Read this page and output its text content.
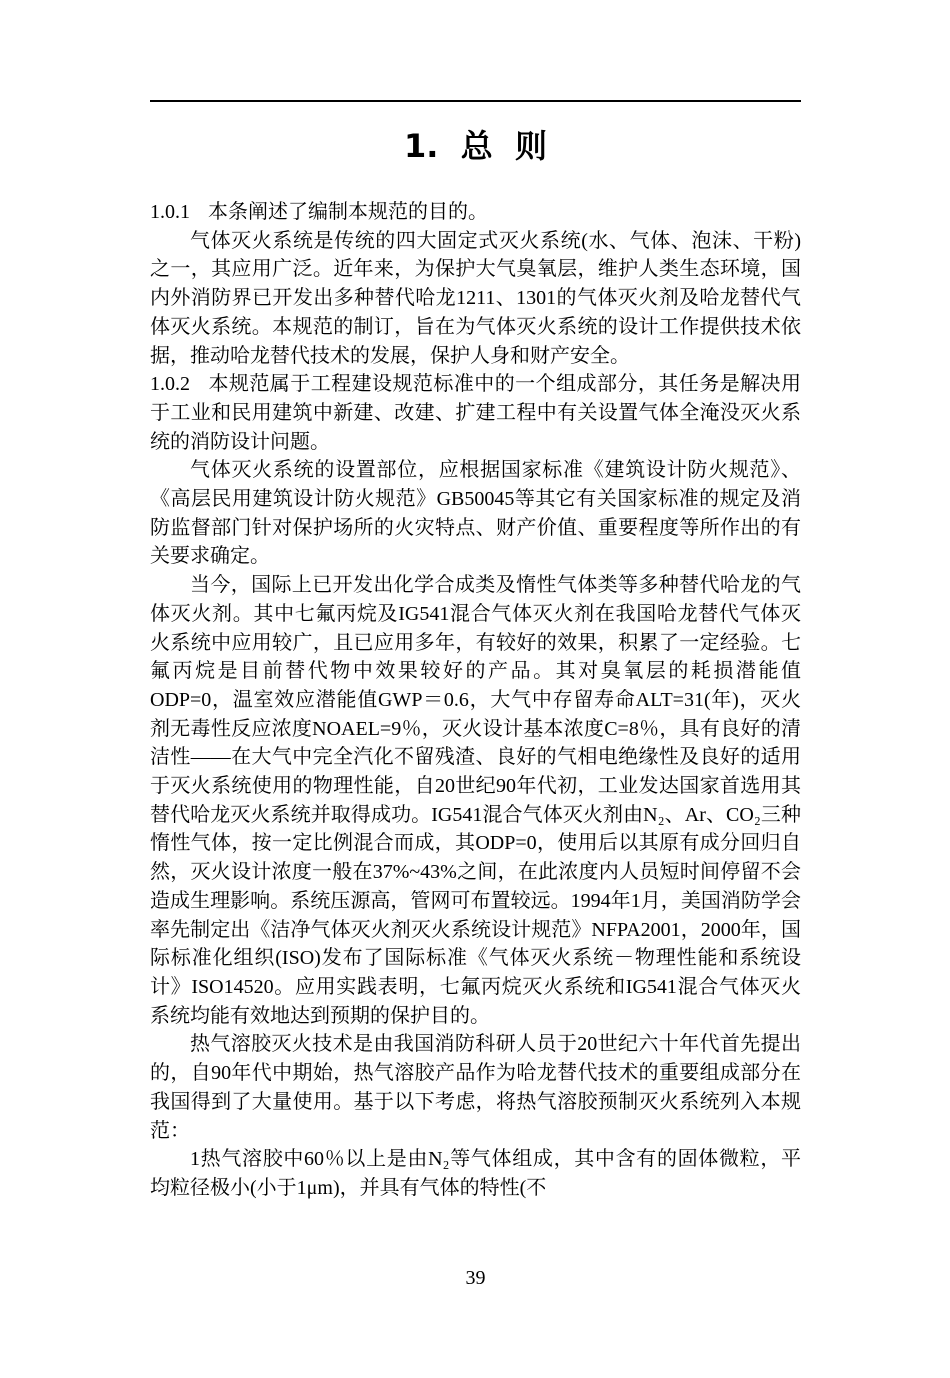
1.  总  则

1.0.1 本条阐述了编制本规范的目的。

气体灭火系统是传统的四大固定式灭火系统(水、气体、泡沫、干粉)之一，其应用广泛。近年来，为保护大气臭氧层，维护人类生态环境，国内外消防界已开发出多种替代哈龙1211、1301的气体灭火剂及哈龙替代气体灭火系统。本规范的制订，旨在为气体灭火系统的设计工作提供技术依据，推动哈龙替代技术的发展，保护人身和财产安全。

1.0.2 本规范属于工程建设规范标准中的一个组成部分，其任务是解决用于工业和民用建筑中新建、改建、扩建工程中有关设置气体全淹没灭火系统的消防设计问题。

气体灭火系统的设置部位，应根据国家标准《建筑设计防火规范》、《高层民用建筑设计防火规范》GB50045等其它有关国家标准的规定及消防监督部门针对保护场所的火灾特点、财产价值、重要程度等所作出的有关要求确定。

当今，国际上已开发出化学合成类及惰性气体类等多种替代哈龙的气体灭火剂。其中七氟丙烷及IG541混合气体灭火剂在我国哈龙替代气体灭火系统中应用较广，且已应用多年，有较好的效果，积累了一定经验。七氟丙烷是目前替代物中效果较好的产品。其对臭氧层的耗损潜能值ODP=0，温室效应潜能值GWP＝0.6，大气中存留寿命ALT=31(年)，灭火剂无毒性反应浓度NOAEL=9％，灭火设计基本浓度C=8％，具有良好的清洁性——在大气中完全汽化不留残渣、良好的气相电绝缘性及良好的适用于灭火系统使用的物理性能，自20世纪90年代初，工业发达国家首选用其替代哈龙灭火系统并取得成功。IG541混合气体灭火剂由N₂、Ar、CO₂三种惰性气体，按一定比例混合而成，其ODP=0，使用后以其原有成分回归自然，灭火设计浓度一般在37%~43%之间，在此浓度内人员短时间停留不会造成生理影响。系统压源高，管网可布置较远。1994年1月，美国消防学会率先制定出《洁净气体灭火剂灭火系统设计规范》NFPA2001，2000年，国际标准化组织(ISO)发布了国际标准《气体灭火系统－物理性能和系统设计》ISO14520。应用实践表明，七氟丙烷灭火系统和IG541混合气体灭火系统均能有效地达到预期的保护目的。

热气溶胶灭火技术是由我国消防科研人员于20世纪六十年代首先提出的，自90年代中期始，热气溶胶产品作为哈龙替代技术的重要组成部分在我国得到了大量使用。基于以下考虑，将热气溶胶预制灭火系统列入本规范：

1热气溶胶中60％以上是由N₂等气体组成，其中含有的固体微粒，平均粒径极小(小于1μm)，并具有气体的特性(不

39
